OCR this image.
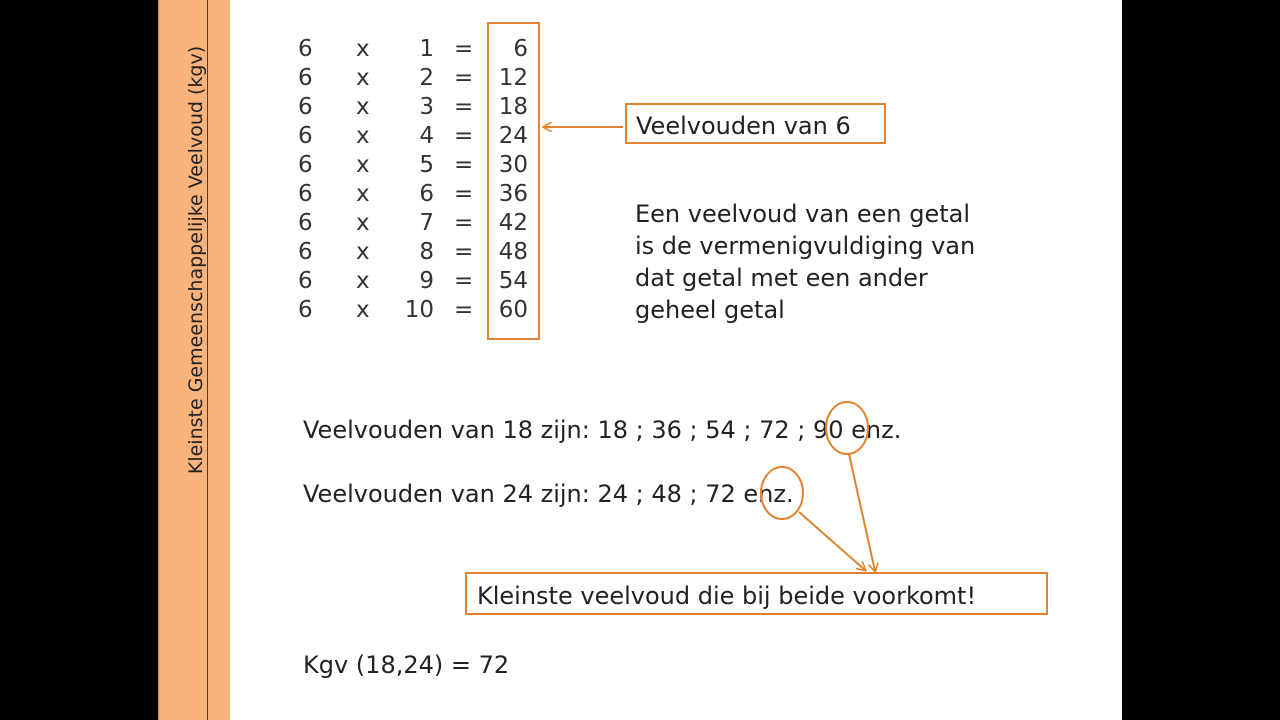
Kleinste Gemeenschappelijke Veelvoud (kgv)	6 x	1 =	6
6 x	2 = 12
6 x	3 = 18
6 x	4 = 24
6 x	5 = 30
6 x	6 = 36
6 x	7 = 42
6 x	8 = 48
6 x	9 = 54
6 x	10 = 60
Veelvouden van 6
Een veelvoud van een getal
is de vermenigvuldiging van
dat getal met een ander
geheel getal
Veelvouden van 18 zijn: 18 ; 36 ; 54 ; 72 ; 90 enz.
Veelvouden van 24 zijn: 24 ; 48 ; 72 enz.
Kleinste veelvoud die bij beide voorkomt!
Kgv (18,24) = 72
